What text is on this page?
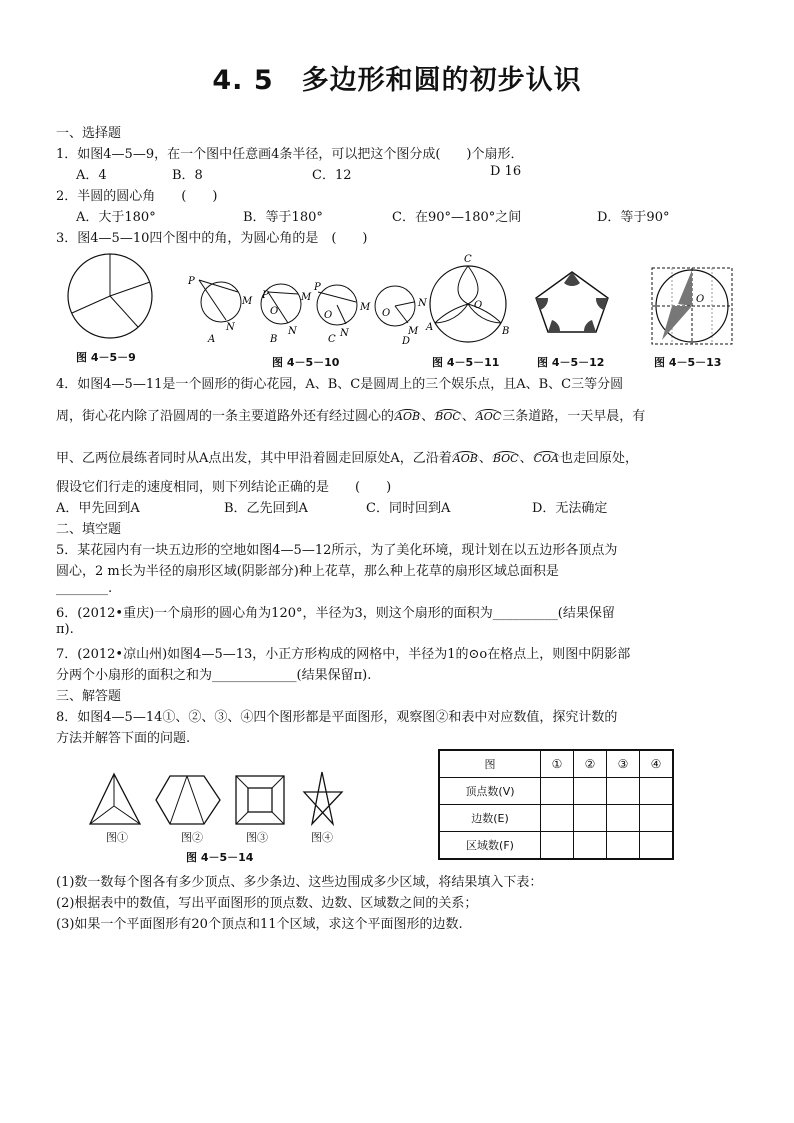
4. 5　多边形和圆的初步认识
一、选择题
1．如图4—5—9，在一个图中任意画4条半径，可以把这个图分成(　　)个扇形．
A．4	B．8	C．12	D 16
2．半圆的圆心角　　(　　)
A．大于180°	B．等于180°	C．在90°—180°之间	D．等于90°
3．图4—5—10四个图中的角，为圆心角的是　(　　)
P
M
N
A
P
O
M
N
B
P
O
M
N
C
O
N
M
D
C
O
A	B
O
图 4－5－9	图 4－5－10	图 4－5－11	图 4－5－12	图 4－5－13
4．如图4—5—11是一个圆形的街心花园，A、B、C是圆周上的三个娱乐点，且A、B、C三等分圆
周，街心花内除了沿圆周的一条主要道路外还有经过圆心的AOB、BOC、AOC三条道路，一天早晨，有
甲、乙两位晨练者同时从A点出发，其中甲沿着圆走回原处A，乙沿着AOB、BOC、COA也走回原处，
假设它们行走的速度相同，则下列结论正确的是　　(　　)
A．甲先回到A	B．乙先回到A	C．同时回到A	D．无法确定
二、填空题
5．某花园内有一块五边形的空地如图4—5—12所示，为了美化环境，现计划在以五边形各顶点为
圆心，2 m长为半径的扇形区域(阴影部分)种上花草，那么种上花草的扇形区域总面积是
________.
6．(2012•重庆)一个扇形的圆心角为120°，半径为3，则这个扇形的面积为__________(结果保留
π).
7．(2012•凉山州)如图4—5—13，小正方形构成的网格中，半径为1的⊙o在格点上，则图中阴影部
分两个小扇形的面积之和为_____________(结果保留π).
三、解答题
8．如图4—5—14①、②、③、④四个图形都是平面图形，观察图②和表中对应数值，探究计数的
方法并解答下面的问题.
图①	图②	图③	图④
图 4－5－14
图	①	②	③	④
顶点数(V)				
边数(E)				
区域数(F)				
(1)数一数每个图各有多少顶点、多少条边、这些边围成多少区域，将结果填入下表：
(2)根据表中的数值，写出平面图形的顶点数、边数、区域数之间的关系；
(3)如果一个平面图形有20个顶点和11个区域，求这个平面图形的边数.
